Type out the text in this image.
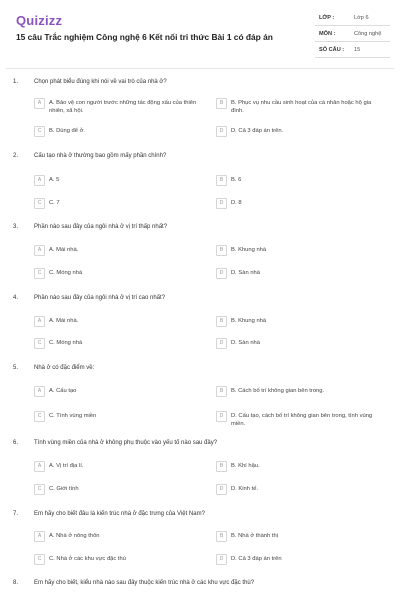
Quizizz
15 câu Trắc nghiệm Công nghệ 6 Kết nối tri thức Bài 1 có đáp án
LỚP :	Lớp 6
MÔN :	Công nghệ
SỐ CÂU : 15
1.	Chọn phát biểu đúng khi nói về vai trò của nhà ở?
A	A. Bảo vệ con người trước những tác động xấu của thiên nhiên, xã hội.
B	B. Phục vụ nhu cầu sinh hoạt của cá nhân hoặc hộ gia đình.
C	B. Dùng để ở.	D	D. Cả 3 đáp án trên.
2.	Cấu tạo nhà ở thường bao gồm mấy phần chính?
A	A. 5	B	B. 6
C	C. 7	D	D. 8
3.	Phần nào sau đây của ngôi nhà ở vị trí thấp nhất?
A	A. Mái nhà.	B	B. Khung nhà
C	C. Móng nhà	D	D. Sàn nhà
4.	Phần nào sau đây của ngôi nhà ở vị trí cao nhất?
A	A. Mái nhà.	B	B. Khung nhà
C	C. Móng nhà	D	D. Sàn nhà
5.	Nhà ở có đặc điểm về:
A	A. Cấu tạo	B	B. Cách bố trí không gian bên trong.
C	C. Tính vùng miền	D	D. Cấu tạo, cách bố trí không gian bên trong, tính vùng miền.
6.	Tính vùng miền của nhà ở không phụ thuộc vào yếu tố nào sau đây?
A	A. Vị trí địa lí.	B	B. Khí hậu.
C	C. Giới tính	D	D. Kinh tế.
7.	Em hãy cho biết đâu là kiến trúc nhà ở đặc trưng của Việt Nam?
A	A. Nhà ở nông thôn	B	B. Nhà ở thành thị
C	C. Nhà ở các khu vực đặc thù	D	D. Cả 3 đáp án trên
8.	Em hãy cho biết, kiểu nhà nào sau đây thuộc kiến trúc nhà ở các khu vực đặc thù?
